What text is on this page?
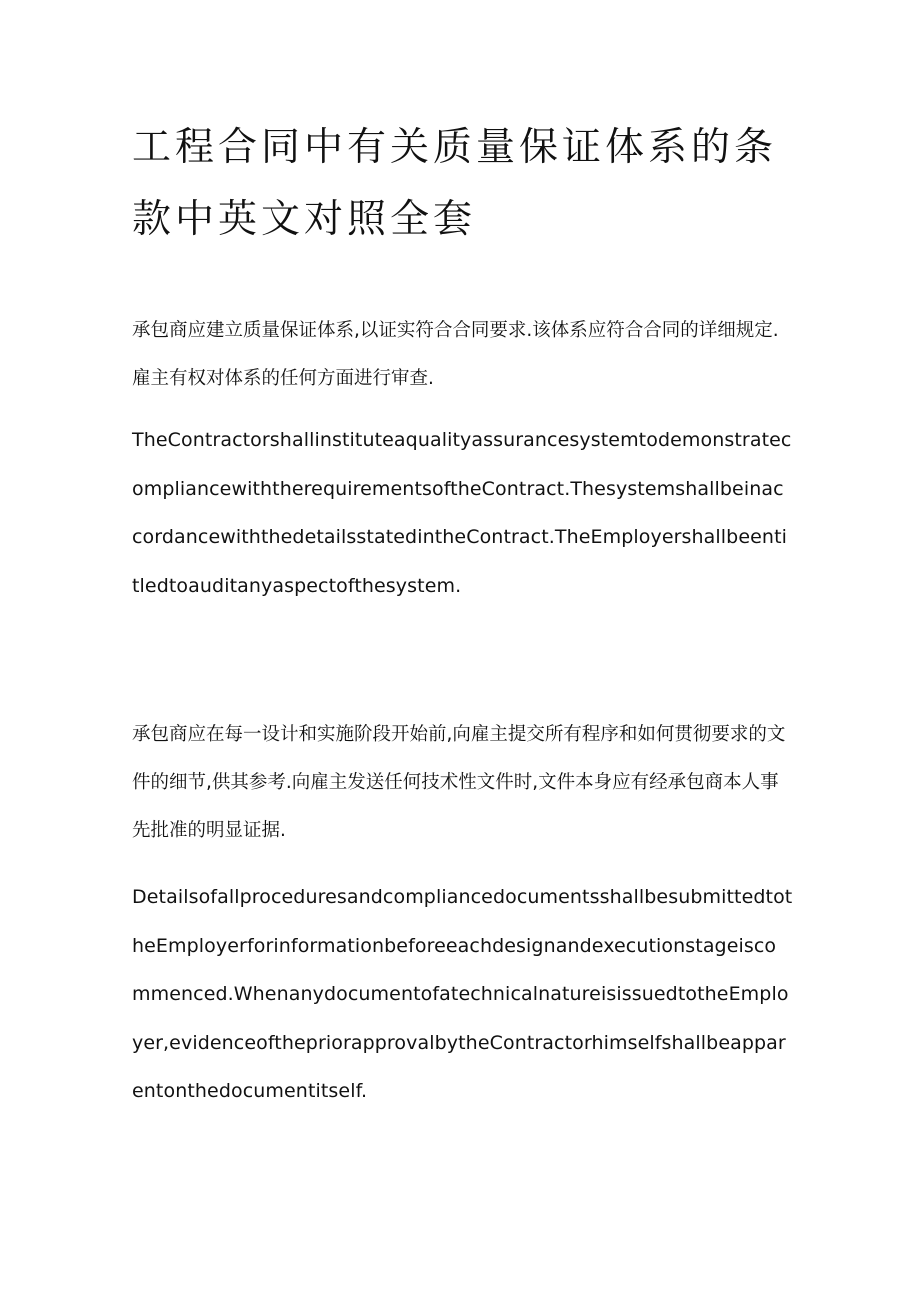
工程合同中有关质量保证体系的条款中英文对照全套

承包商应建立质量保证体系,以证实符合合同要求.该体系应符合合同的详细规定.雇主有权对体系的任何方面进行审查.

TheContractorshallinstituteaqualityassurancesystemtodemonstratecompliancewiththerequirementsoftheContract.ThesystemshallbeinaccordancewiththedetailsstatedintheContract.TheEmployershallbeentitledtoauditanyaspectofthesystem.

承包商应在每一设计和实施阶段开始前,向雇主提交所有程序和如何贯彻要求的文件的细节,供其参考.向雇主发送任何技术性文件时,文件本身应有经承包商本人事先批准的明显证据.

DetailsofallproceduresandcompliancedocumentsshallbesubmittedtotheEmployerforinformationbeforeeachdesignandexecutionstageiscommenced.WhenanydocumentofatechnicalnatureisissuedtotheEmployer,evidenceofthepriorapprovalbytheContractorhimselfshallbeapparentonthedocumentitself.
